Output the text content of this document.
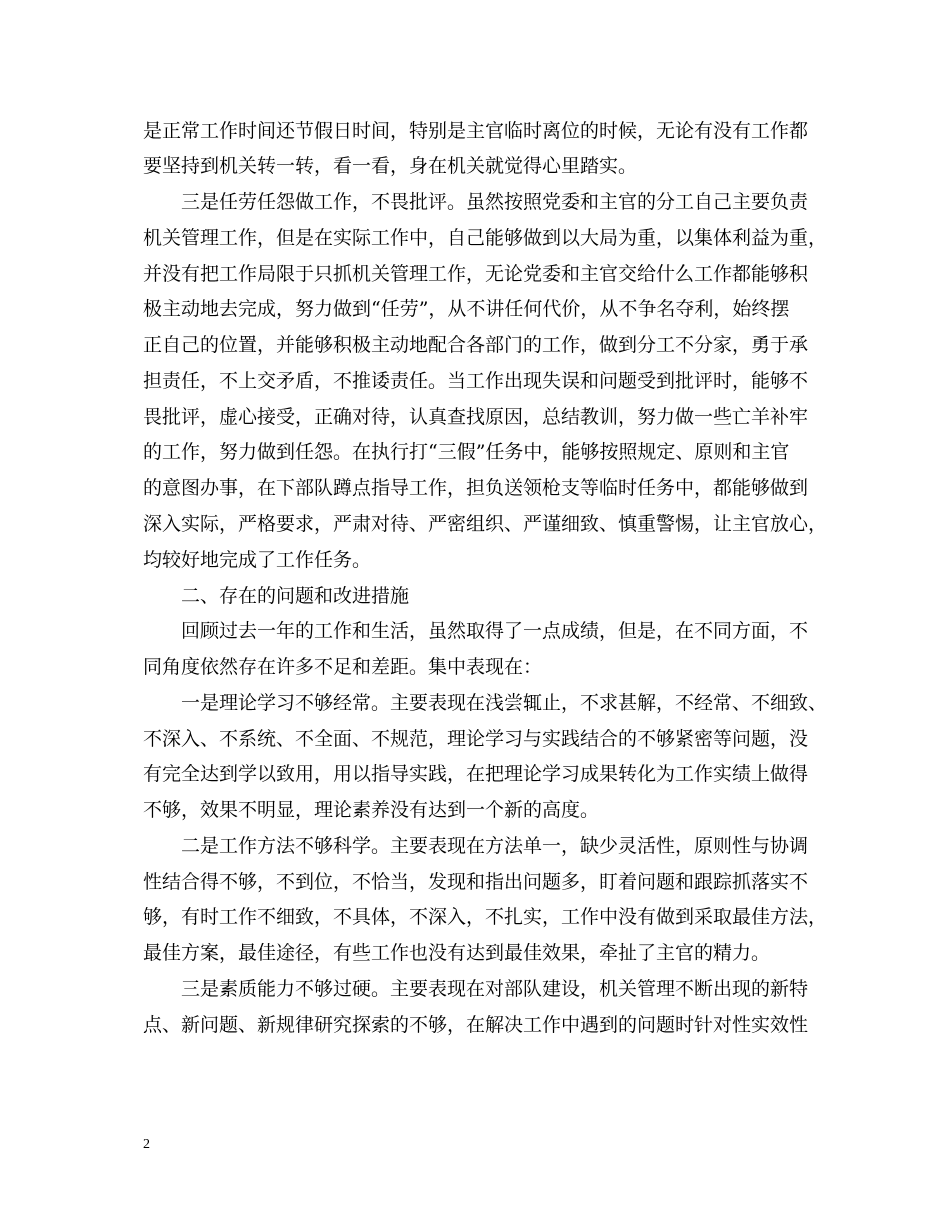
是正常工作时间还节假日时间，特别是主官临时离位的时候，无论有没有工作都
要坚持到机关转一转，看一看，身在机关就觉得心里踏实。
三是任劳任怨做工作，不畏批评。虽然按照党委和主官的分工自己主要负责
机关管理工作，但是在实际工作中，自己能够做到以大局为重，以集体利益为重，
并没有把工作局限于只抓机关管理工作，无论党委和主官交给什么工作都能够积
极主动地去完成，努力做到“任劳”，从不讲任何代价，从不争名夺利，始终摆
正自己的位置，并能够积极主动地配合各部门的工作，做到分工不分家，勇于承
担责任，不上交矛盾，不推诿责任。当工作出现失误和问题受到批评时，能够不
畏批评，虚心接受，正确对待，认真查找原因，总结教训，努力做一些亡羊补牢
的工作，努力做到任怨。在执行打“三假”任务中，能够按照规定、原则和主官
的意图办事，在下部队蹲点指导工作，担负送领枪支等临时任务中，都能够做到
深入实际，严格要求，严肃对待、严密组织、严谨细致、慎重警惕，让主官放心，
均较好地完成了工作任务。
二、存在的问题和改进措施
回顾过去一年的工作和生活，虽然取得了一点成绩，但是，在不同方面，不
同角度依然存在许多不足和差距。集中表现在：
一是理论学习不够经常。主要表现在浅尝辄止，不求甚解，不经常、不细致、
不深入、不系统、不全面、不规范，理论学习与实践结合的不够紧密等问题，没
有完全达到学以致用，用以指导实践，在把理论学习成果转化为工作实绩上做得
不够，效果不明显，理论素养没有达到一个新的高度。
二是工作方法不够科学。主要表现在方法单一，缺少灵活性，原则性与协调
性结合得不够，不到位，不恰当，发现和指出问题多，盯着问题和跟踪抓落实不
够，有时工作不细致，不具体，不深入，不扎实，工作中没有做到采取最佳方法，
最佳方案，最佳途径，有些工作也没有达到最佳效果，牵扯了主官的精力。
三是素质能力不够过硬。主要表现在对部队建设，机关管理不断出现的新特
点、新问题、新规律研究探索的不够，在解决工作中遇到的问题时针对性实效性
2
